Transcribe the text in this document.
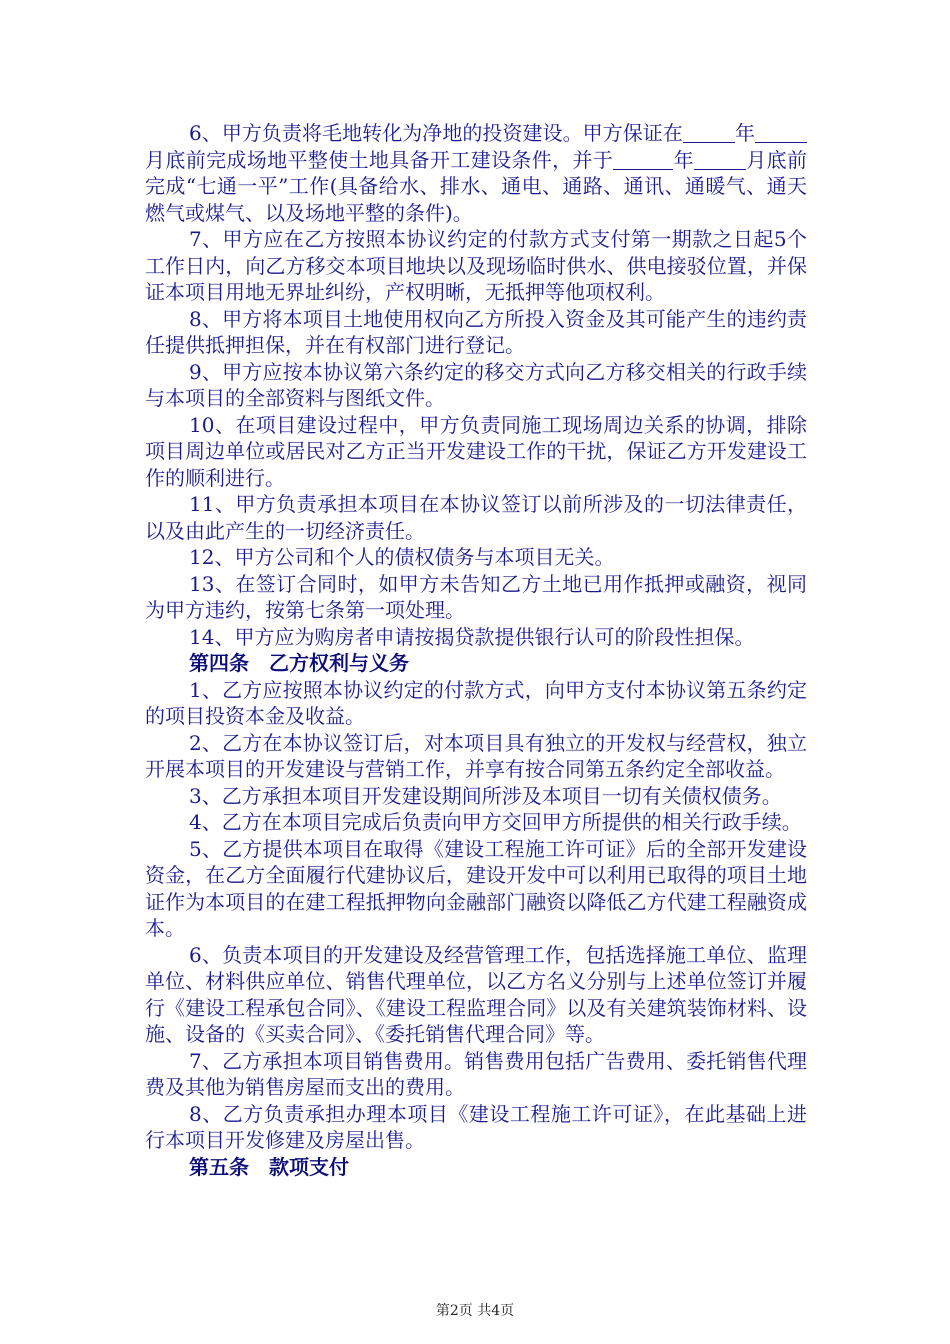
6、甲方负责将毛地转化为净地的投资建设。甲方保证在	年月底前完成场地平整使土地具备开工建设条件，并于	年	月底前完成“七通一平”工作(具备给水、排水、通电、通路、通讯、通暖气、通天燃气或煤气、以及场地平整的条件)。

7、甲方应在乙方按照本协议约定的付款方式支付第一期款之日起5个工作日内，向乙方移交本项目地块以及现场临时供水、供电接驳位置，并保证本项目用地无界址纠纷，产权明晰，无抵押等他项权利。

8、甲方将本项目土地使用权向乙方所投入资金及其可能产生的违约责任提供抵押担保，并在有权部门进行登记。

9、甲方应按本协议第六条约定的移交方式向乙方移交相关的行政手续与本项目的全部资料与图纸文件。

10、在项目建设过程中，甲方负责同施工现场周边关系的协调，排除项目周边单位或居民对乙方正当开发建设工作的干扰，保证乙方开发建设工作的顺利进行。

11、甲方负责承担本项目在本协议签订以前所涉及的一切法律责任，以及由此产生的一切经济责任。

12、甲方公司和个人的债权债务与本项目无关。

13、在签订合同时，如甲方未告知乙方土地已用作抵押或融资，视同为甲方违约，按第七条第一项处理。

14、甲方应为购房者申请按揭贷款提供银行认可的阶段性担保。

第四条　乙方权利与义务

1、乙方应按照本协议约定的付款方式，向甲方支付本协议第五条约定的项目投资本金及收益。

2、乙方在本协议签订后，对本项目具有独立的开发权与经营权，独立开展本项目的开发建设与营销工作，并享有按合同第五条约定全部收益。

3、乙方承担本项目开发建设期间所涉及本项目一切有关债权债务。

4、乙方在本项目完成后负责向甲方交回甲方所提供的相关行政手续。

5、乙方提供本项目在取得《建设工程施工许可证》后的全部开发建设资金，在乙方全面履行代建协议后，建设开发中可以利用已取得的项目土地证作为本项目的在建工程抵押物向金融部门融资以降低乙方代建工程融资成本。

6、负责本项目的开发建设及经营管理工作，包括选择施工单位、监理单位、材料供应单位、销售代理单位，以乙方名义分别与上述单位签订并履行《建设工程承包合同》、《建设工程监理合同》以及有关建筑装饰材料、设施、设备的《买卖合同》、《委托销售代理合同》等。

7、乙方承担本项目销售费用。销售费用包括广告费用、委托销售代理费及其他为销售房屋而支出的费用。

8、乙方负责承担办理本项目《建设工程施工许可证》，在此基础上进行本项目开发修建及房屋出售。

第五条　款项支付

第2页 共4页
